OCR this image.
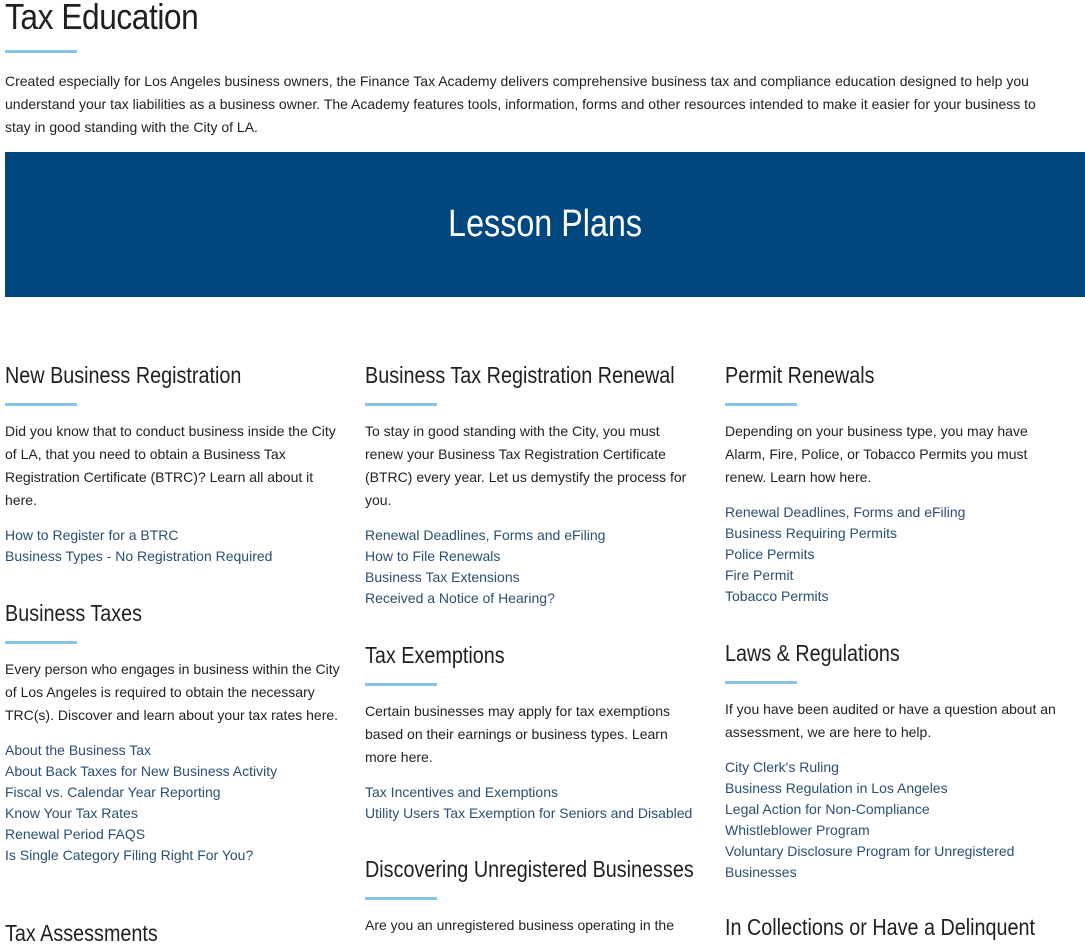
Tax Education

Created especially for Los Angeles business owners, the Finance Tax Academy delivers comprehensive business tax and compliance education designed to help you understand your tax liabilities as a business owner. The Academy features tools, information, forms and other resources intended to make it easier for your business to stay in good standing with the City of LA.

Lesson Plans
New Business Registration

Did you know that to conduct business inside the City of LA, that you need to obtain a Business Tax Registration Certificate (BTRC)? Learn all about it here.

How to Register for a BTRC
Business Types - No Registration Required
Business Taxes

Every person who engages in business within the City of Los Angeles is required to obtain the necessary TRC(s). Discover and learn about your tax rates here.

About the Business Tax
About Back Taxes for New Business Activity
Fiscal vs. Calendar Year Reporting
Know Your Tax Rates
Renewal Period FAQS
Is Single Category Filing Right For You?
Tax Assessments
Business Tax Registration Renewal

To stay in good standing with the City, you must renew your Business Tax Registration Certificate (BTRC) every year. Let us demystify the process for you.

Renewal Deadlines, Forms and eFiling
How to File Renewals
Business Tax Extensions
Received a Notice of Hearing?
Tax Exemptions

Certain businesses may apply for tax exemptions based on their earnings or business types. Learn more here.

Tax Incentives and Exemptions
Utility Users Tax Exemption for Seniors and Disabled
Discovering Unregistered Businesses

Are you an unregistered business operating in the

Permit Renewals

Depending on your business type, you may have Alarm, Fire, Police, or Tobacco Permits you must renew. Learn how here.

Renewal Deadlines, Forms and eFiling
Business Requiring Permits
Police Permits
Fire Permit
Tobacco Permits
Laws & Regulations

If you have been audited or have a question about an assessment, we are here to help.

City Clerk's Ruling
Business Regulation in Los Angeles
Legal Action for Non-Compliance
Whistleblower Program
Voluntary Disclosure Program for Unregistered Businesses
In Collections or Have a Delinquent
